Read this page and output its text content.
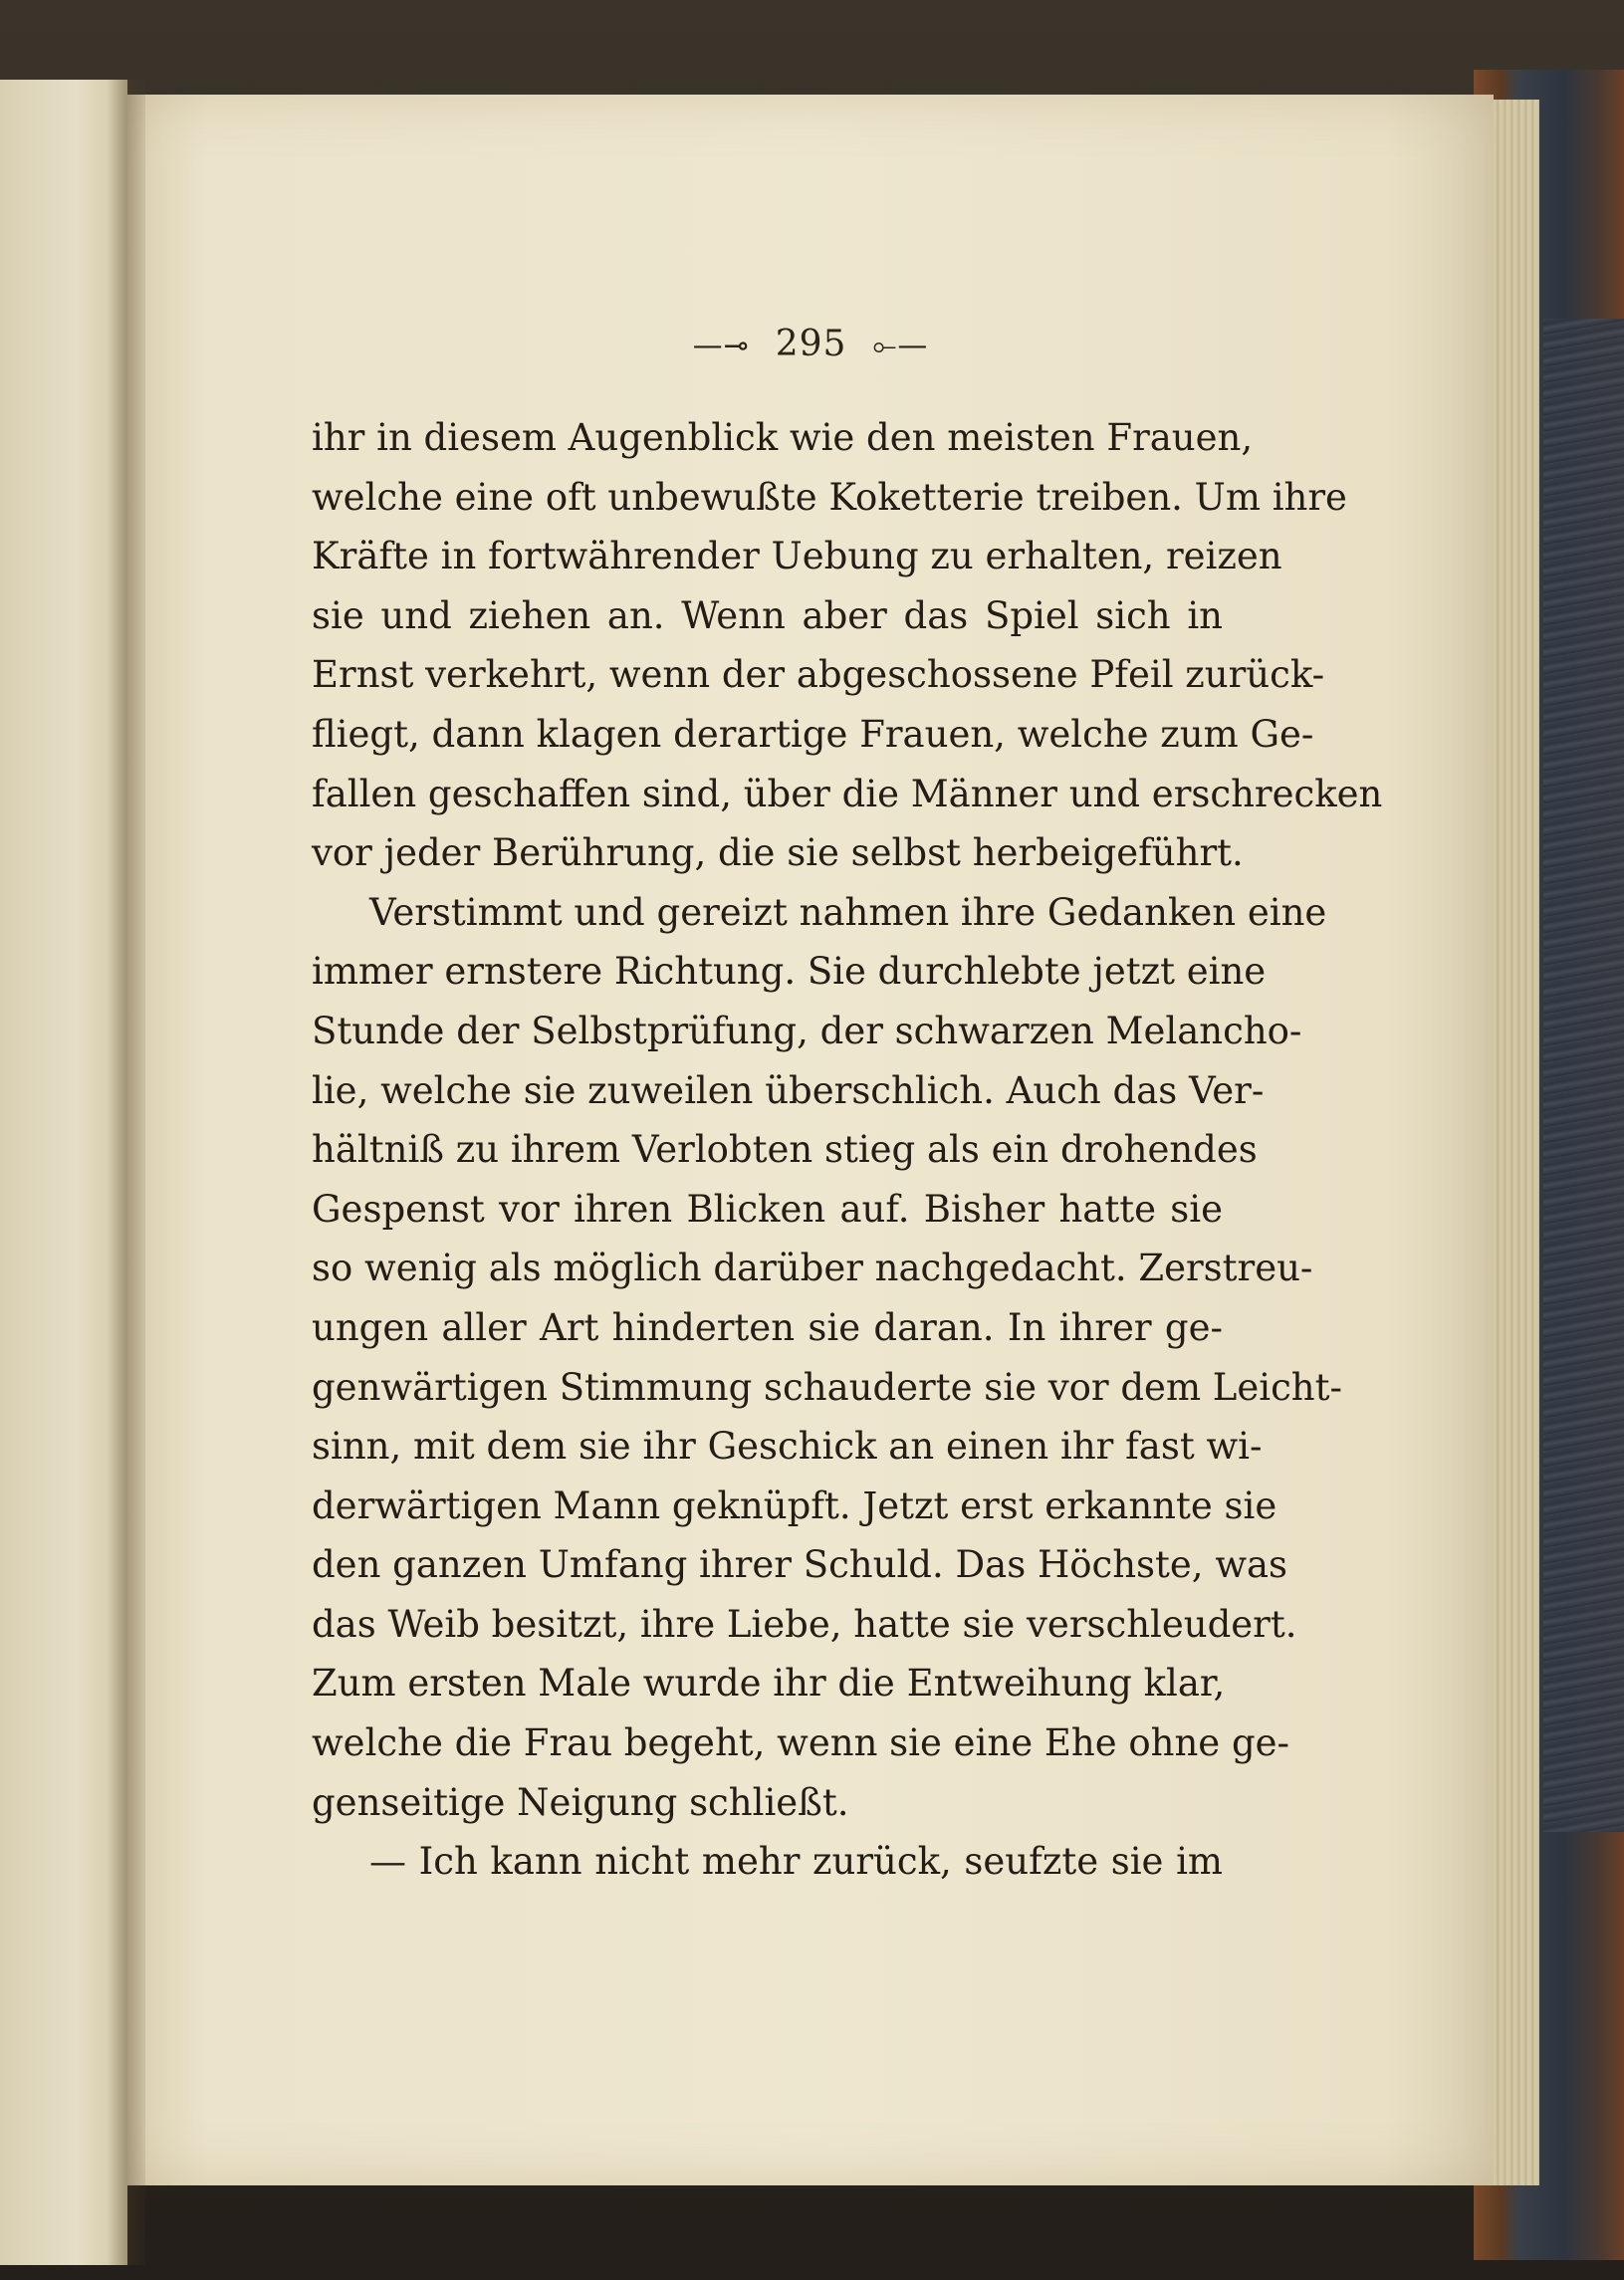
—⊸ 295 ⟜—
ihr in diesem Augenblick wie den meisten Frauen,
welche eine oft unbewußte Koketterie treiben. Um ihre
Kräfte in fortwährender Uebung zu erhalten, reizen
sie und ziehen an. Wenn aber das Spiel sich in
Ernst verkehrt, wenn der abgeschossene Pfeil zurück-
fliegt, dann klagen derartige Frauen, welche zum Ge-
fallen geschaffen sind, über die Männer und erschrecken
vor jeder Berührung, die sie selbst herbeigeführt.
Verstimmt und gereizt nahmen ihre Gedanken eine
immer ernstere Richtung. Sie durchlebte jetzt eine
Stunde der Selbstprüfung, der schwarzen Melancho-
lie, welche sie zuweilen überschlich. Auch das Ver-
hältniß zu ihrem Verlobten stieg als ein drohendes
Gespenst vor ihren Blicken auf. Bisher hatte sie
so wenig als möglich darüber nachgedacht. Zerstreu-
ungen aller Art hinderten sie daran. In ihrer ge-
genwärtigen Stimmung schauderte sie vor dem Leicht-
sinn, mit dem sie ihr Geschick an einen ihr fast wi-
derwärtigen Mann geknüpft. Jetzt erst erkannte sie
den ganzen Umfang ihrer Schuld. Das Höchste, was
das Weib besitzt, ihre Liebe, hatte sie verschleudert.
Zum ersten Male wurde ihr die Entweihung klar,
welche die Frau begeht, wenn sie eine Ehe ohne ge-
genseitige Neigung schließt.
— Ich kann nicht mehr zurück, seufzte sie im
